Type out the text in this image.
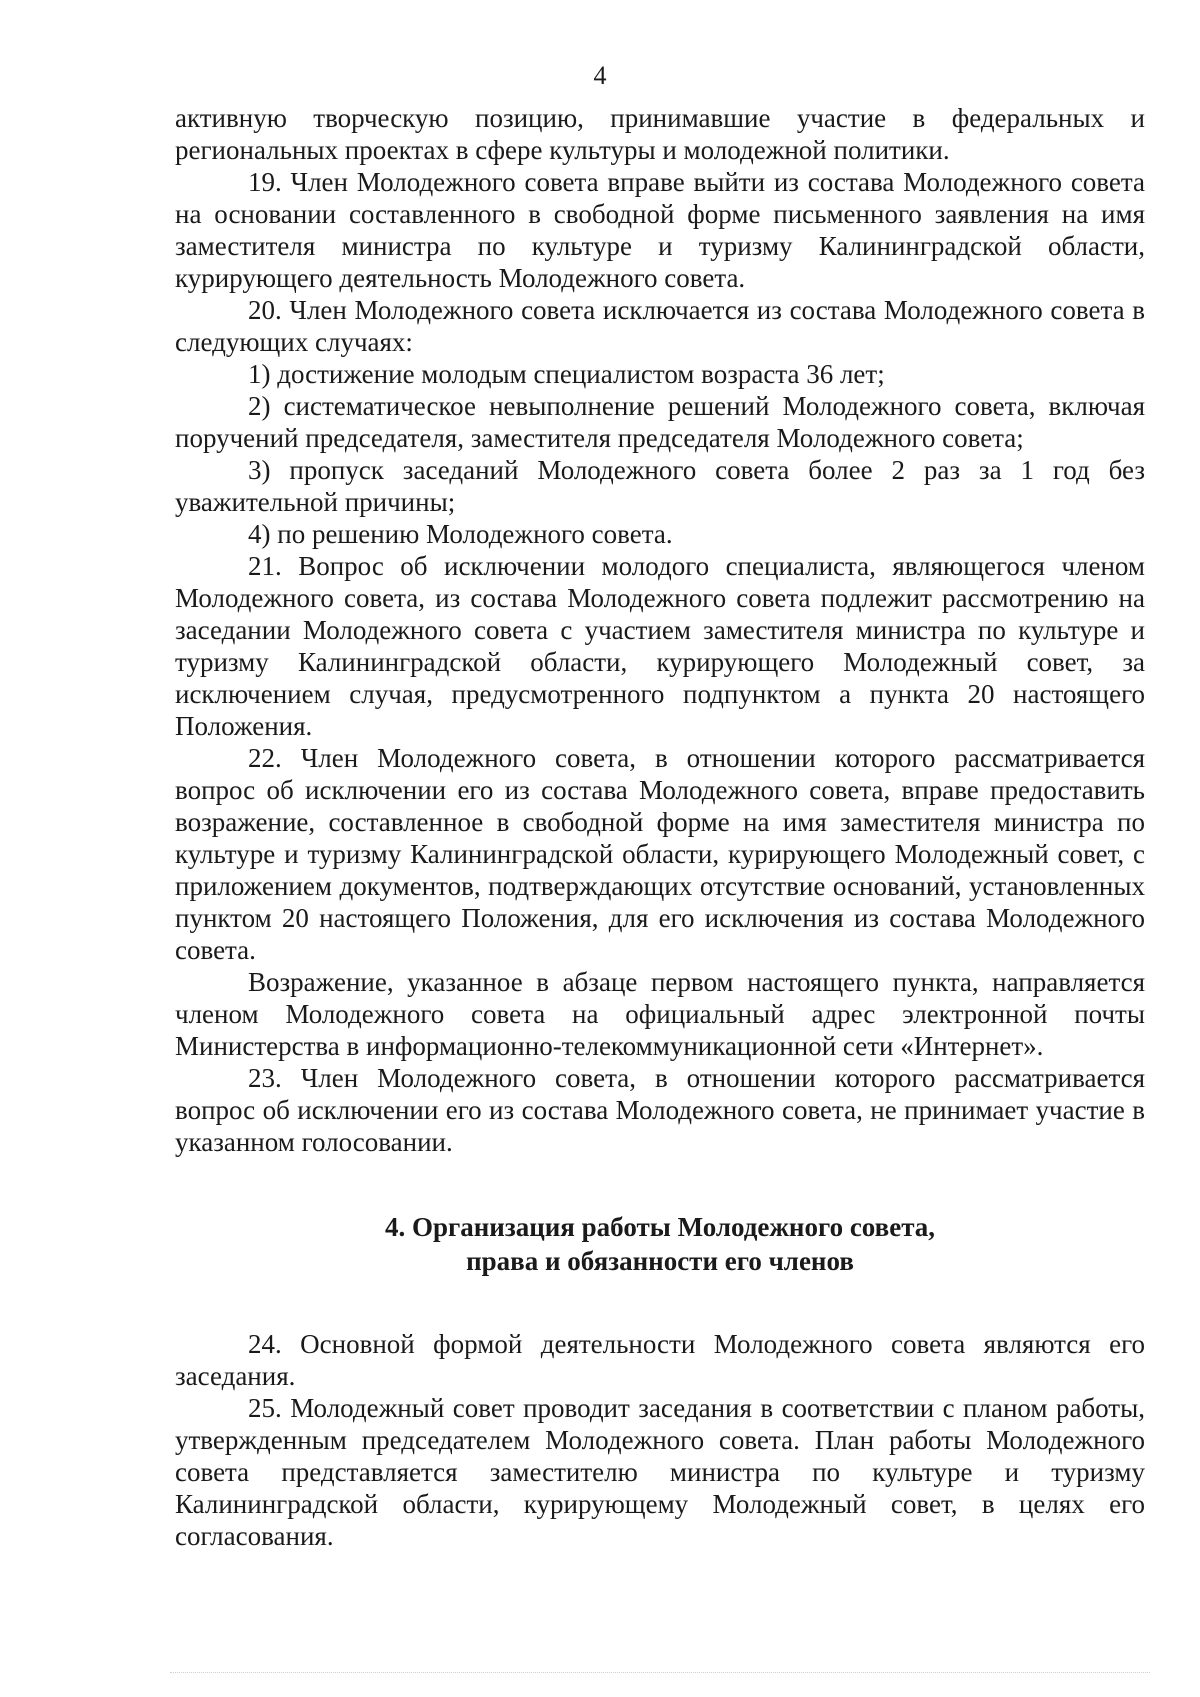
4

активную творческую позицию, принимавшие участие в федеральных и региональных проектах в сфере культуры и молодежной политики.

19. Член Молодежного совета вправе выйти из состава Молодежного совета на основании составленного в свободной форме письменного заявления на имя заместителя министра по культуре и туризму Калининградской области, курирующего деятельность Молодежного совета.

20. Член Молодежного совета исключается из состава Молодежного совета в следующих случаях:

1) достижение молодым специалистом возраста 36 лет;

2) систематическое невыполнение решений Молодежного совета, включая поручений председателя, заместителя председателя Молодежного совета;

3) пропуск заседаний Молодежного совета более 2 раз за 1 год без уважительной причины;

4) по решению Молодежного совета.

21. Вопрос об исключении молодого специалиста, являющегося членом Молодежного совета, из состава Молодежного совета подлежит рассмотрению на заседании Молодежного совета с участием заместителя министра по культуре и туризму Калининградской области, курирующего Молодежный совет, за исключением случая, предусмотренного подпунктом а пункта 20 настоящего Положения.

22. Член Молодежного совета, в отношении которого рассматривается вопрос об исключении его из состава Молодежного совета, вправе предоставить возражение, составленное в свободной форме на имя заместителя министра по культуре и туризму Калининградской области, курирующего Молодежный совет, с приложением документов, подтверждающих отсутствие оснований, установленных пунктом 20 настоящего Положения, для его исключения из состава Молодежного совета.

Возражение, указанное в абзаце первом настоящего пункта, направляется членом Молодежного совета на официальный адрес электронной почты Министерства в информационно-телекоммуникационной сети «Интернет».

23. Член Молодежного совета, в отношении которого рассматривается вопрос об исключении его из состава Молодежного совета, не принимает участие в указанном голосовании.

4. Организация работы Молодежного совета,
права и обязанности его членов

24. Основной формой деятельности Молодежного совета являются его заседания.

25. Молодежный совет проводит заседания в соответствии с планом работы, утвержденным председателем Молодежного совета. План работы Молодежного совета представляется заместителю министра по культуре и туризму Калининградской области, курирующему Молодежный совет, в целях его согласования.
